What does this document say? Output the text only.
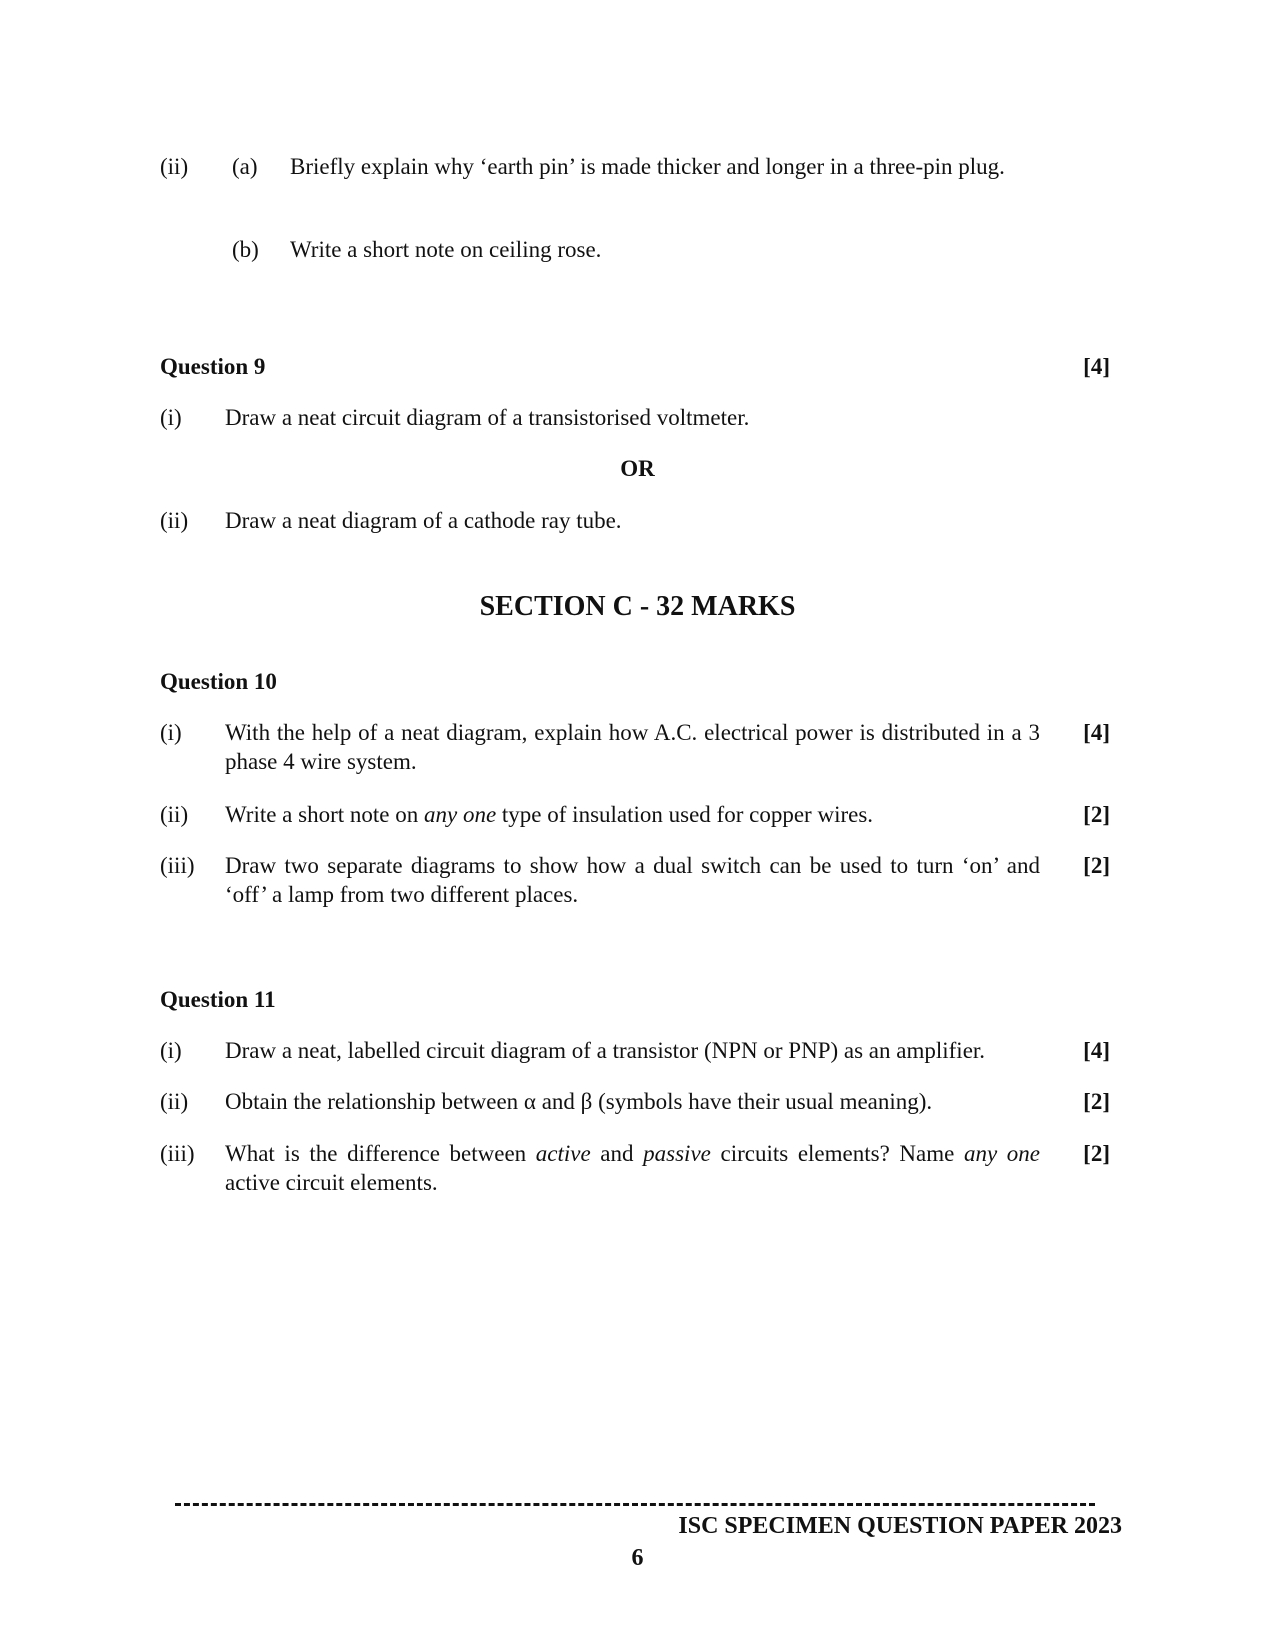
(ii) (a) Briefly explain why ‘earth pin’ is made thicker and longer in a three-pin plug.
(b) Write a short note on ceiling rose.
Question 9	[4]
(i) Draw a neat circuit diagram of a transistorised voltmeter.
OR
(ii) Draw a neat diagram of a cathode ray tube.
SECTION C - 32 MARKS
Question 10
(i) With the help of a neat diagram, explain how A.C. electrical power is distributed in a 3 phase 4 wire system.
[4]
(ii) Write a short note on any one type of insulation used for copper wires.	[2]
(iii) Draw two separate diagrams to show how a dual switch can be used to turn ‘on’ and ‘off’ a lamp from two different places.
[2]
Question 11
(i) Draw a neat, labelled circuit diagram of a transistor (NPN or PNP) as an amplifier.	[4]
(ii) Obtain the relationship between α and β (symbols have their usual meaning).	[2]
(iii) What is the difference between active and passive circuits elements? Name any one active circuit elements.
[2]
ISC SPECIMEN QUESTION PAPER 2023
6
